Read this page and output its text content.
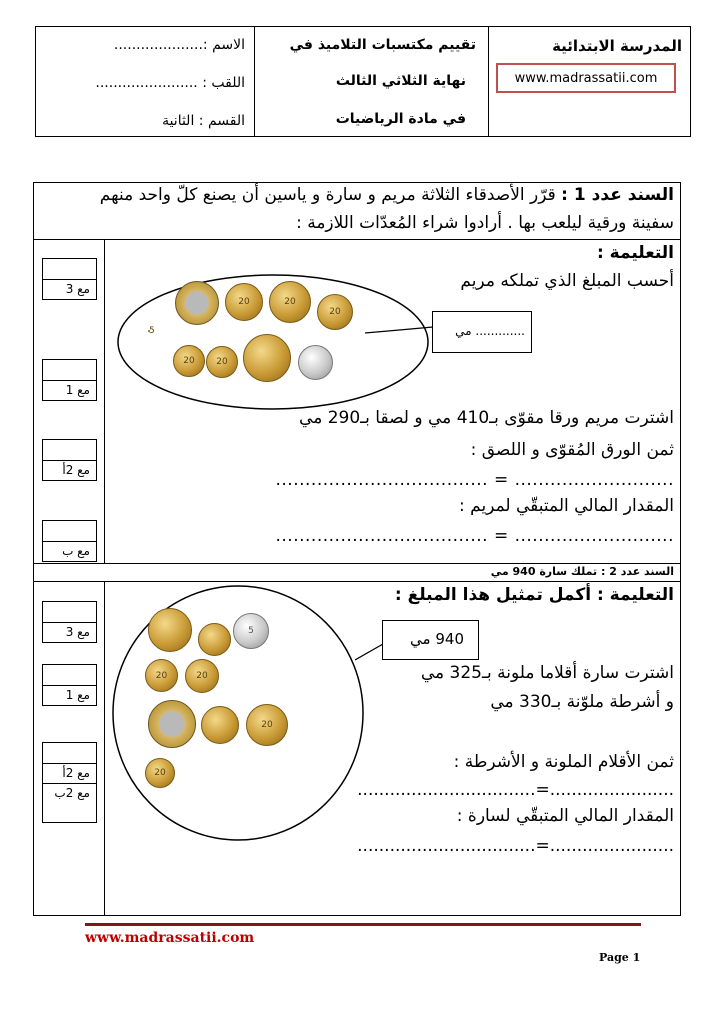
المدرسة الابتدائية
www.madrassatii.com
تقييم مكتسبات التلاميذ في
نهاية الثلاثي الثالث
في مادة الرياضيات
الاسم :....................
اللقب : .......................
القسم : الثانية
السند عدد 1 : قرّر الأصدقاء الثلاثة مريم و سارة و ياسين أن يصنع كلّ واحد منهم
سفينة ورقية ليلعب بها . أرادوا شراء المُعدّات اللازمة :
التعليمة :
أحسب المبلغ الذي تملكه مريم
............. مي
20	20
20
20	20
5
اشترت مريم ورقا مقوّى بـ410 مي و لصقا بـ290 مي
ثمن الورق المُقوّى و اللصق :
........................... = ....................................
المقدار المالي المتبقّي لمريم :
........................... = ....................................
مع 3
مع 1
مع 2أ
مع ب
السند عدد 2 : تملك سارة 940 مي
التعليمة : أكمل تمثيل هذا المبلغ :
940 مي
5
20	20
20
20
اشترت سارة أقلاما ملونة بـ325 مي
و أشرطة ملوّنة بـ330 مي
ثمن الأقلام الملونة و الأشرطة :
.......................=.................................
المقدار المالي المتبقّي لسارة :
.......................=.................................
مع 3
مع 1
مع 2أ
مع 2ب
www.madrassatii.com
Page 1
